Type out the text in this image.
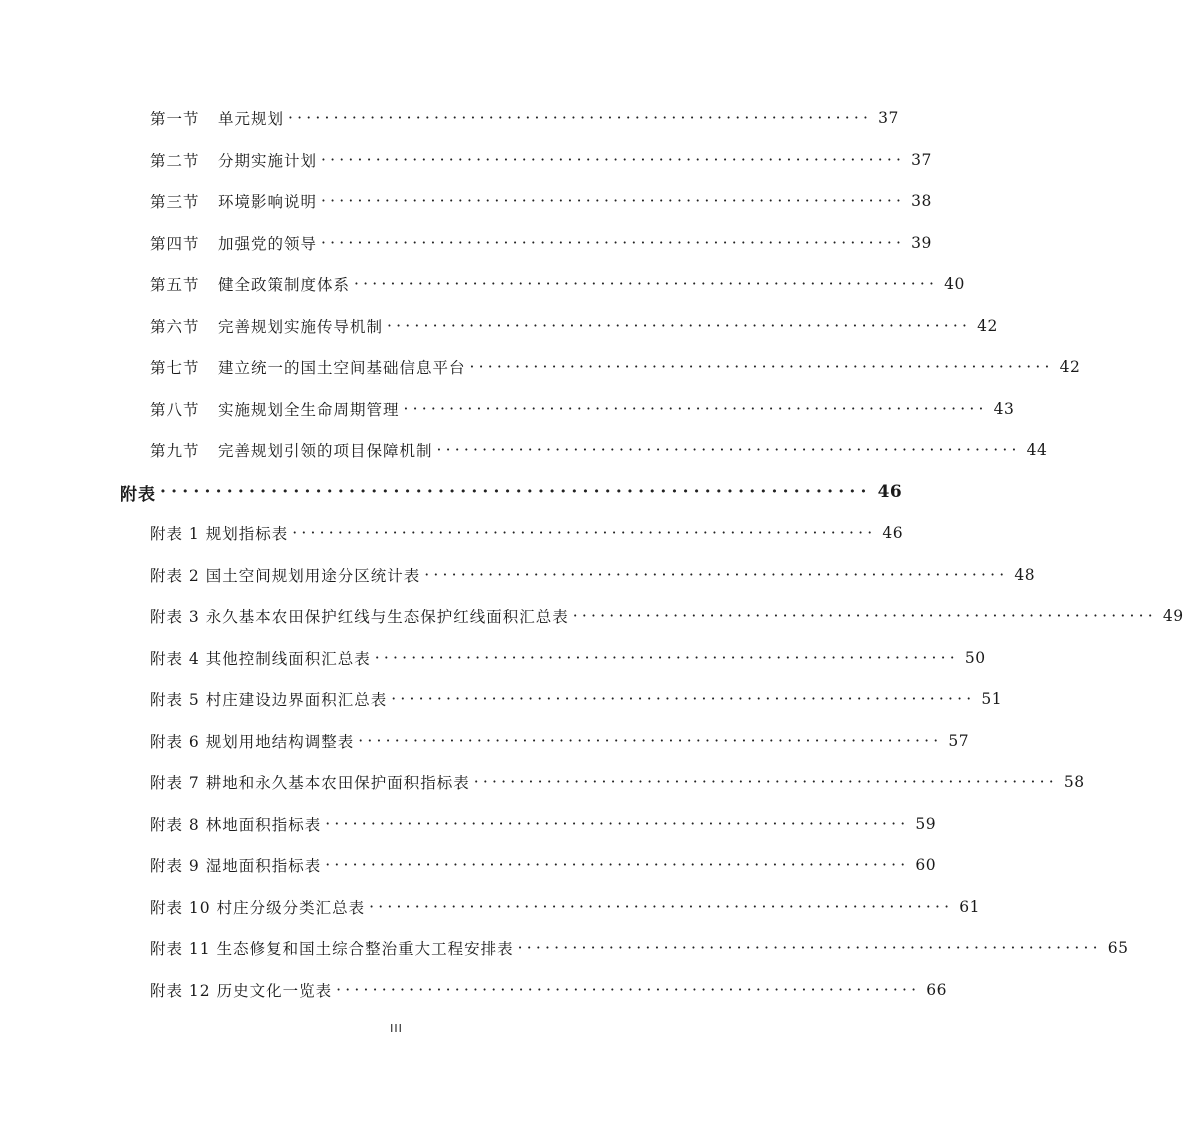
第一节	单元规划 ································································ 37
第二节	分期实施计划 ································································ 37
第三节	环境影响说明 ································································ 38
第四节	加强党的领导 ································································ 39
第五节	健全政策制度体系 ································································ 40
第六节	完善规划实施传导机制 ································································ 42
第七节	建立统一的国土空间基础信息平台 ································································ 42
第八节	实施规划全生命周期管理 ································································ 43
第九节	完善规划引领的项目保障机制 ································································ 44
附表 ································································ 46
附表 1 规划指标表 ································································ 46
附表 2 国土空间规划用途分区统计表 ································································ 48
附表 3 永久基本农田保护红线与生态保护红线面积汇总表 ································································ 49
附表 4 其他控制线面积汇总表 ································································ 50
附表 5 村庄建设边界面积汇总表 ································································ 51
附表 6 规划用地结构调整表 ································································ 57
附表 7 耕地和永久基本农田保护面积指标表 ································································ 58
附表 8 林地面积指标表 ································································ 59
附表 9 湿地面积指标表 ································································ 60
附表 10 村庄分级分类汇总表 ································································ 61
附表 11 生态修复和国土综合整治重大工程安排表 ································································ 65
附表 12 历史文化一览表 ································································ 66
III
